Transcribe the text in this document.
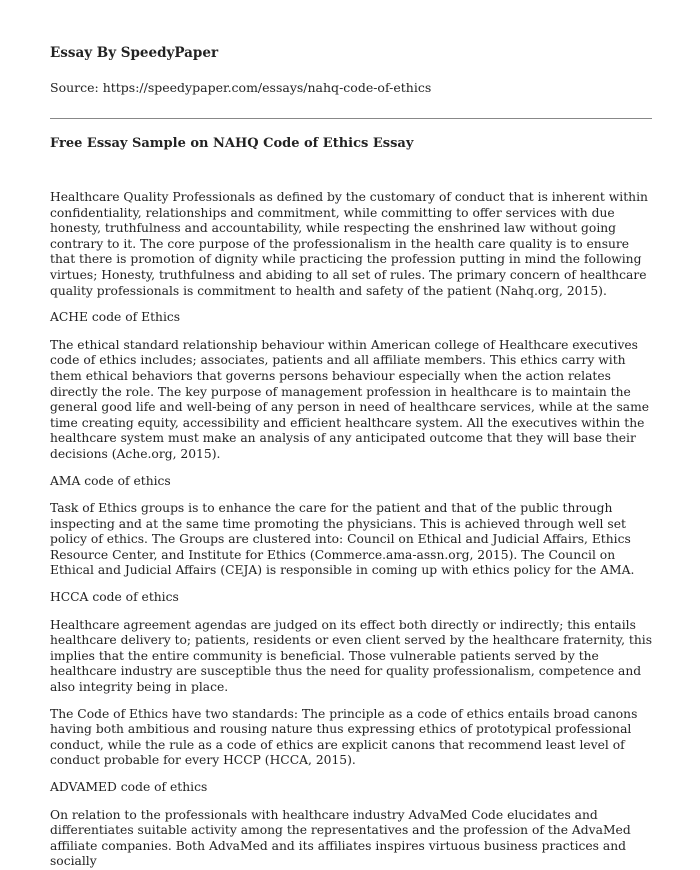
Essay By SpeedyPaper
Source: https://speedypaper.com/essays/nahq-code-of-ethics
Free Essay Sample on NAHQ Code of Ethics Essay

Healthcare Quality Professionals as defined by the customary of conduct that is inherent within confidentiality, relationships and commitment, while committing to offer services with due honesty, truthfulness and accountability, while respecting the enshrined law without going contrary to it. The core purpose of the professionalism in the health care quality is to ensure that there is promotion of dignity while practicing the profession putting in mind the following virtues; Honesty, truthfulness and abiding to all set of rules. The primary concern of healthcare quality professionals is commitment to health and safety of the patient (Nahq.org, 2015).

ACHE code of Ethics

The ethical standard relationship behaviour within American college of Healthcare executives code of ethics includes; associates, patients and all affiliate members. This ethics carry with them ethical behaviors that governs persons behaviour especially when the action relates directly the role. The key purpose of management profession in healthcare is to maintain the general good life and well-being of any person in need of healthcare services, while at the same time creating equity, accessibility and efficient healthcare system. All the executives within the healthcare system must make an analysis of any anticipated outcome that they will base their decisions (Ache.org, 2015).

AMA code of ethics

Task of Ethics groups is to enhance the care for the patient and that of the public through inspecting and at the same time promoting the physicians. This is achieved through well set policy of ethics. The Groups are clustered into: Council on Ethical and Judicial Affairs, Ethics Resource Center, and Institute for Ethics (Commerce.ama-assn.org, 2015). The Council on Ethical and Judicial Affairs (CEJA) is responsible in coming up with ethics policy for the AMA.

HCCA code of ethics

Healthcare agreement agendas are judged on its effect both directly or indirectly; this entails healthcare delivery to; patients, residents or even client served by the healthcare fraternity, this implies that the entire community is beneficial. Those vulnerable patients served by the healthcare industry are susceptible thus the need for quality professionalism, competence and also integrity being in place.

The Code of Ethics have two standards: The principle as a code of ethics entails broad canons having both ambitious and rousing nature thus expressing ethics of prototypical professional conduct, while the rule as a code of ethics are explicit canons that recommend least level of conduct probable for every HCCP (HCCA, 2015).

ADVAMED code of ethics

On relation to the professionals with healthcare industry AdvaMed Code elucidates and differentiates suitable activity among the representatives and the profession of the AdvaMed affiliate companies. Both AdvaMed and its affiliates inspires virtuous business practices and socially
